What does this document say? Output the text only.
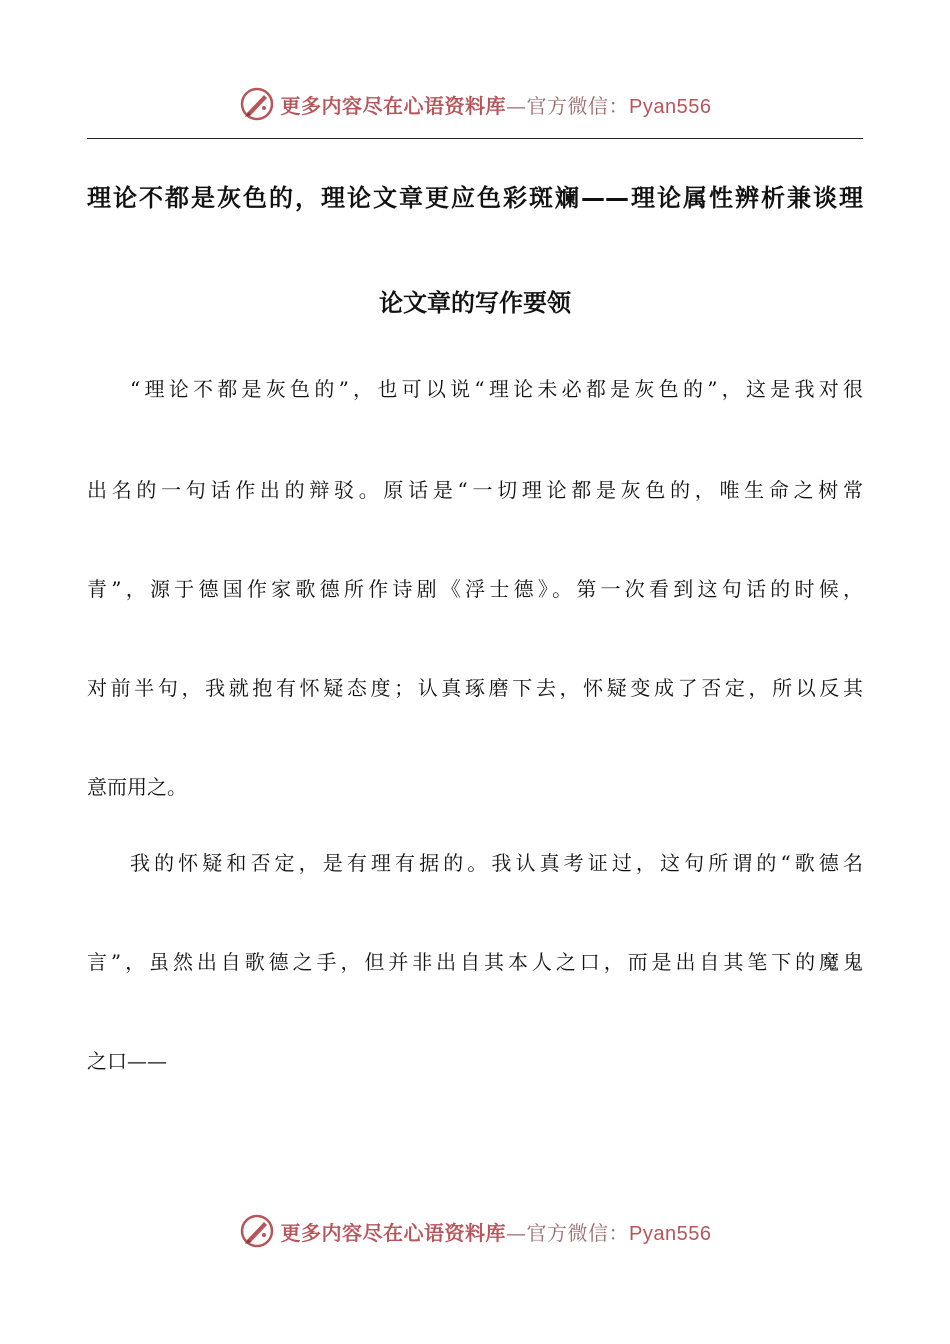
更多内容尽在心语资料库—官方微信：Pyan556
理论不都是灰色的，理论文章更应色彩斑斓——理论属性辨析兼谈理
论文章的写作要领
“理论不都是灰色的”，也可以说“理论未必都是灰色的”，这是我对很
出名的一句话作出的辩驳。原话是“一切理论都是灰色的，唯生命之树常
青”，源于德国作家歌德所作诗剧《浮士德》。第一次看到这句话的时候，
对前半句，我就抱有怀疑态度；认真琢磨下去，怀疑变成了否定，所以反其
意而用之。
我的怀疑和否定，是有理有据的。我认真考证过，这句所谓的“歌德名
言”，虽然出自歌德之手，但并非出自其本人之口，而是出自其笔下的魔鬼
之口——
更多内容尽在心语资料库—官方微信：Pyan556
